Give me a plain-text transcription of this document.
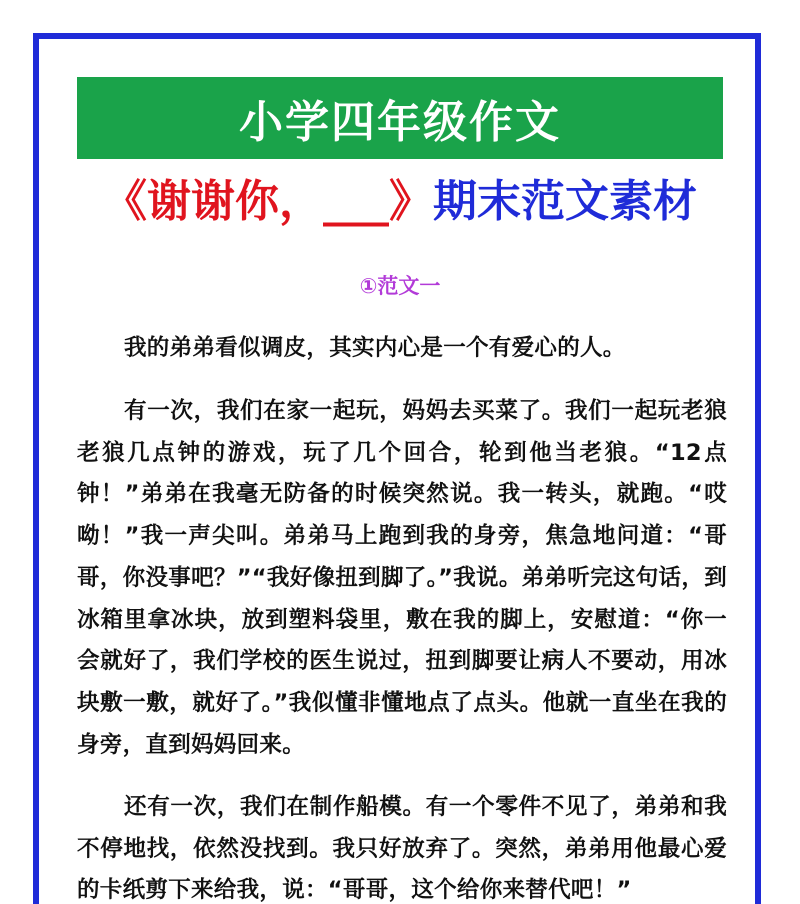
小学四年级作文
《谢谢你，___》期末范文素材
①范文一

我的弟弟看似调皮，其实内心是一个有爱心的人。

有一次，我们在家一起玩，妈妈去买菜了。我们一起玩老狼老狼几点钟的游戏，玩了几个回合，轮到他当老狼。“12点钟！”弟弟在我毫无防备的时候突然说。我一转头，就跑。“哎呦！”我一声尖叫。弟弟马上跑到我的身旁，焦急地问道：“哥哥，你没事吧？”“我好像扭到脚了。”我说。弟弟听完这句话，到冰箱里拿冰块，放到塑料袋里，敷在我的脚上，安慰道：“你一会就好了，我们学校的医生说过，扭到脚要让病人不要动，用冰块敷一敷，就好了。”我似懂非懂地点了点头。他就一直坐在我的身旁，直到妈妈回来。

还有一次，我们在制作船模。有一个零件不见了，弟弟和我不停地找，依然没找到。我只好放弃了。突然，弟弟用他最心爱的卡纸剪下来给我，说：“哥哥，这个给你来替代吧！”
